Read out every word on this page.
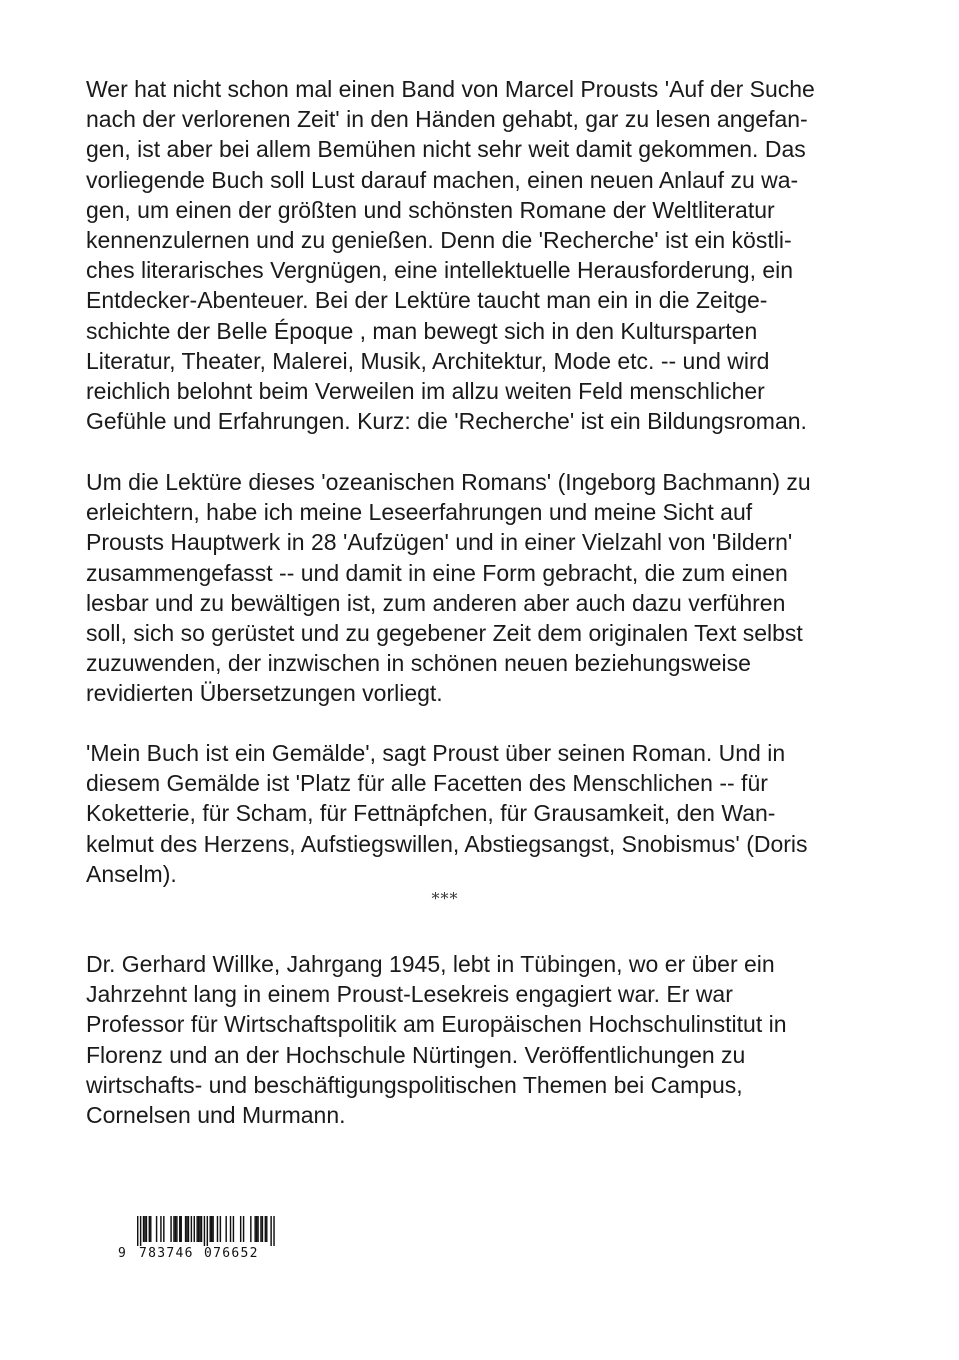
Wer hat nicht schon mal einen Band von Marcel Prousts 'Auf der Suche
nach der verlorenen Zeit' in den Händen gehabt, gar zu lesen angefan-
gen, ist aber bei allem Bemühen nicht sehr weit damit gekommen. Das
vorliegende Buch soll Lust darauf machen, einen neuen Anlauf zu wa-
gen, um einen der größten und schönsten Romane der Weltliteratur
kennenzulernen und zu genießen. Denn die 'Recherche' ist ein köstli-
ches literarisches Vergnügen, eine intellektuelle Herausforderung, ein
Entdecker-Abenteuer. Bei der Lektüre taucht man ein in die Zeitge-
schichte der Belle Époque , man bewegt sich in den Kultursparten
Literatur, Theater, Malerei, Musik, Architektur, Mode etc. -- und wird
reichlich belohnt beim Verweilen im allzu weiten Feld menschlicher
Gefühle und Erfahrungen. Kurz: die 'Recherche' ist ein Bildungsroman.

Um die Lektüre dieses 'ozeanischen Romans' (Ingeborg Bachmann) zu
erleichtern, habe ich meine Leseerfahrungen und meine Sicht auf
Prousts Hauptwerk in 28 'Aufzügen' und in einer Vielzahl von 'Bildern'
zusammengefasst -- und damit in eine Form gebracht, die zum einen
lesbar und zu bewältigen ist, zum anderen aber auch dazu verführen
soll, sich so gerüstet und zu gegebener Zeit dem originalen Text selbst
zuzuwenden, der inzwischen in schönen neuen beziehungsweise
revidierten Übersetzungen vorliegt.

'Mein Buch ist ein Gemälde', sagt Proust über seinen Roman. Und in
diesem Gemälde ist 'Platz für alle Facetten des Menschlichen -- für
Koketterie, für Scham, für Fettnäpfchen, für Grausamkeit, den Wan-
kelmut des Herzens, Aufstiegswillen, Abstiegsangst, Snobismus' (Doris
Anselm).

***

Dr. Gerhard Willke, Jahrgang 1945, lebt in Tübingen, wo er über ein
Jahrzehnt lang in einem Proust-Lesekreis engagiert war. Er war
Professor für Wirtschaftspolitik am Europäischen Hochschulinstitut in
Florenz und an der Hochschule Nürtingen. Veröffentlichungen zu
wirtschafts- und beschäftigungspolitischen Themen bei Campus,
Cornelsen und Murmann.

9 783746 076652
